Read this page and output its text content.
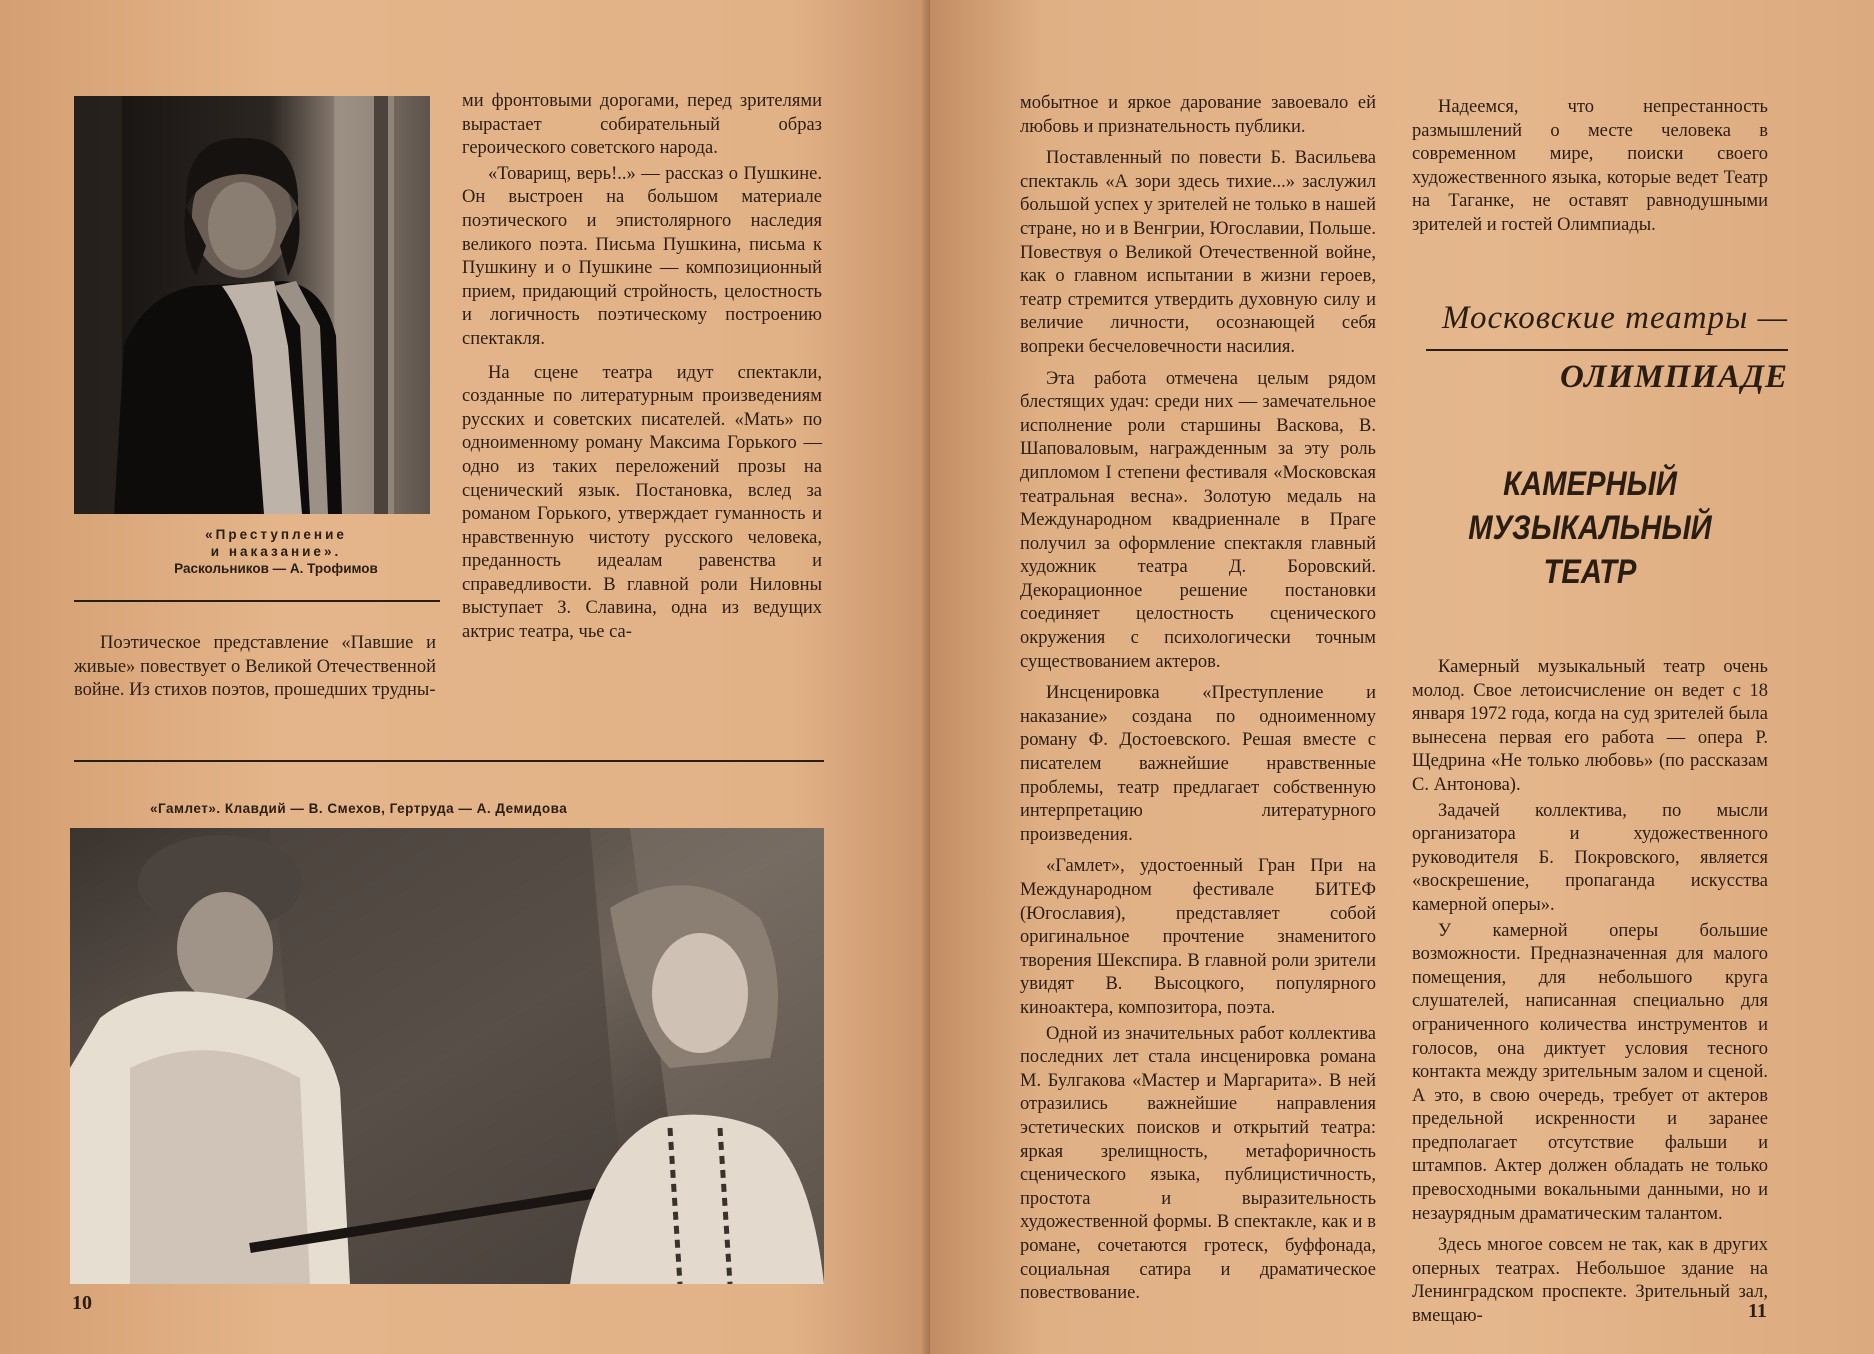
«Преступление
и наказание».
Раскольников — А. Трофимов

Поэтическое представление «Павшие и живые» повествует о Великой Отечественной войне. Из стихов поэтов, прошедших трудны-

ми фронтовыми дорогами, перед зрителями вырастает собирательный образ героического советского народа.

«Товарищ, верь!..» — рассказ о Пушкине. Он выстроен на большом материале поэтического и эпистолярного наследия великого поэта. Письма Пушкина, письма к Пушкину и о Пушкине — композиционный прием, придающий стройность, целостность и логичность поэтическому построению спектакля.

На сцене театра идут спектакли, созданные по литературным произведениям русских и советских писателей. «Мать» по одноименному роману Максима Горького — одно из таких переложений прозы на сценический язык. Постановка, вслед за романом Горького, утверждает гуманность и нравственную чистоту русского человека, преданность идеалам равенства и справедливости. В главной роли Ниловны выступает З. Славина, одна из ведущих актрис театра, чье са-

«Гамлет». Клавдий — В. Смехов, Гертруда — А. Демидова
10

мобытное и яркое дарование завоевало ей любовь и признательность публики.

Поставленный по повести Б. Васильева спектакль «А зори здесь тихие...» заслужил большой успех у зрителей не только в нашей стране, но и в Венгрии, Югославии, Польше. Повествуя о Великой Отечественной войне, как о главном испытании в жизни героев, театр стремится утвердить духовную силу и величие личности, осознающей себя вопреки бесчеловечности насилия.

Эта работа отмечена целым рядом блестящих удач: среди них — замечательное исполнение роли старшины Васкова, В. Шаповаловым, награжденным за эту роль дипломом I степени фестиваля «Московская театральная весна». Золотую медаль на Международном квадриеннале в Праге получил за оформление спектакля главный художник театра Д. Боровский. Декорационное решение постановки соединяет целостность сценического окружения с психологически точным существованием актеров.

Инсценировка «Преступление и наказание» создана по одноименному роману Ф. Достоевского. Решая вместе с писателем важнейшие нравственные проблемы, театр предлагает собственную интерпретацию литературного произведения.

«Гамлет», удостоенный Гран При на Международном фестивале БИТЕФ (Югославия), представляет собой оригинальное прочтение знаменитого творения Шекспира. В главной роли зрители увидят В. Высоцкого, популярного киноактера, композитора, поэта.

Одной из значительных работ коллектива последних лет стала инсценировка романа М. Булгакова «Мастер и Маргарита». В ней отразились важнейшие направления эстетических поисков и открытий театра: яркая зрелищность, метафоричность сценического языка, публицистичность, простота и выразительность художественной формы. В спектакле, как и в романе, сочетаются гротеск, буффонада, социальная сатира и драматическое повествование.

Надеемся, что непрестанность размышлений о месте человека в современном мире, поиски своего художественного языка, которые ведет Театр на Таганке, не оставят равнодушными зрителей и гостей Олимпиады.

Московские театры —
ОЛИМПИАДЕ
КАМЕРНЫЙ
МУЗЫКАЛЬНЫЙ
ТЕАТР

Камерный музыкальный театр очень молод. Свое летоисчисление он ведет с 18 января 1972 года, когда на суд зрителей была вынесена первая его работа — опера Р. Щедрина «Не только любовь» (по рассказам С. Антонова).

Задачей коллектива, по мысли организатора и художественного руководителя Б. Покровского, является «воскрешение, пропаганда искусства камерной оперы».

У камерной оперы большие возможности. Предназначенная для малого помещения, для небольшого круга слушателей, написанная специально для ограниченного количества инструментов и голосов, она диктует условия тесного контакта между зрительным залом и сценой. А это, в свою очередь, требует от актеров предельной искренности и заранее предполагает отсутствие фальши и штампов. Актер должен обладать не только превосходными вокальными данными, но и незаурядным драматическим талантом.

Здесь многое совсем не так, как в других оперных театрах. Небольшое здание на Ленинградском проспекте. Зрительный зал, вмещаю-	11
